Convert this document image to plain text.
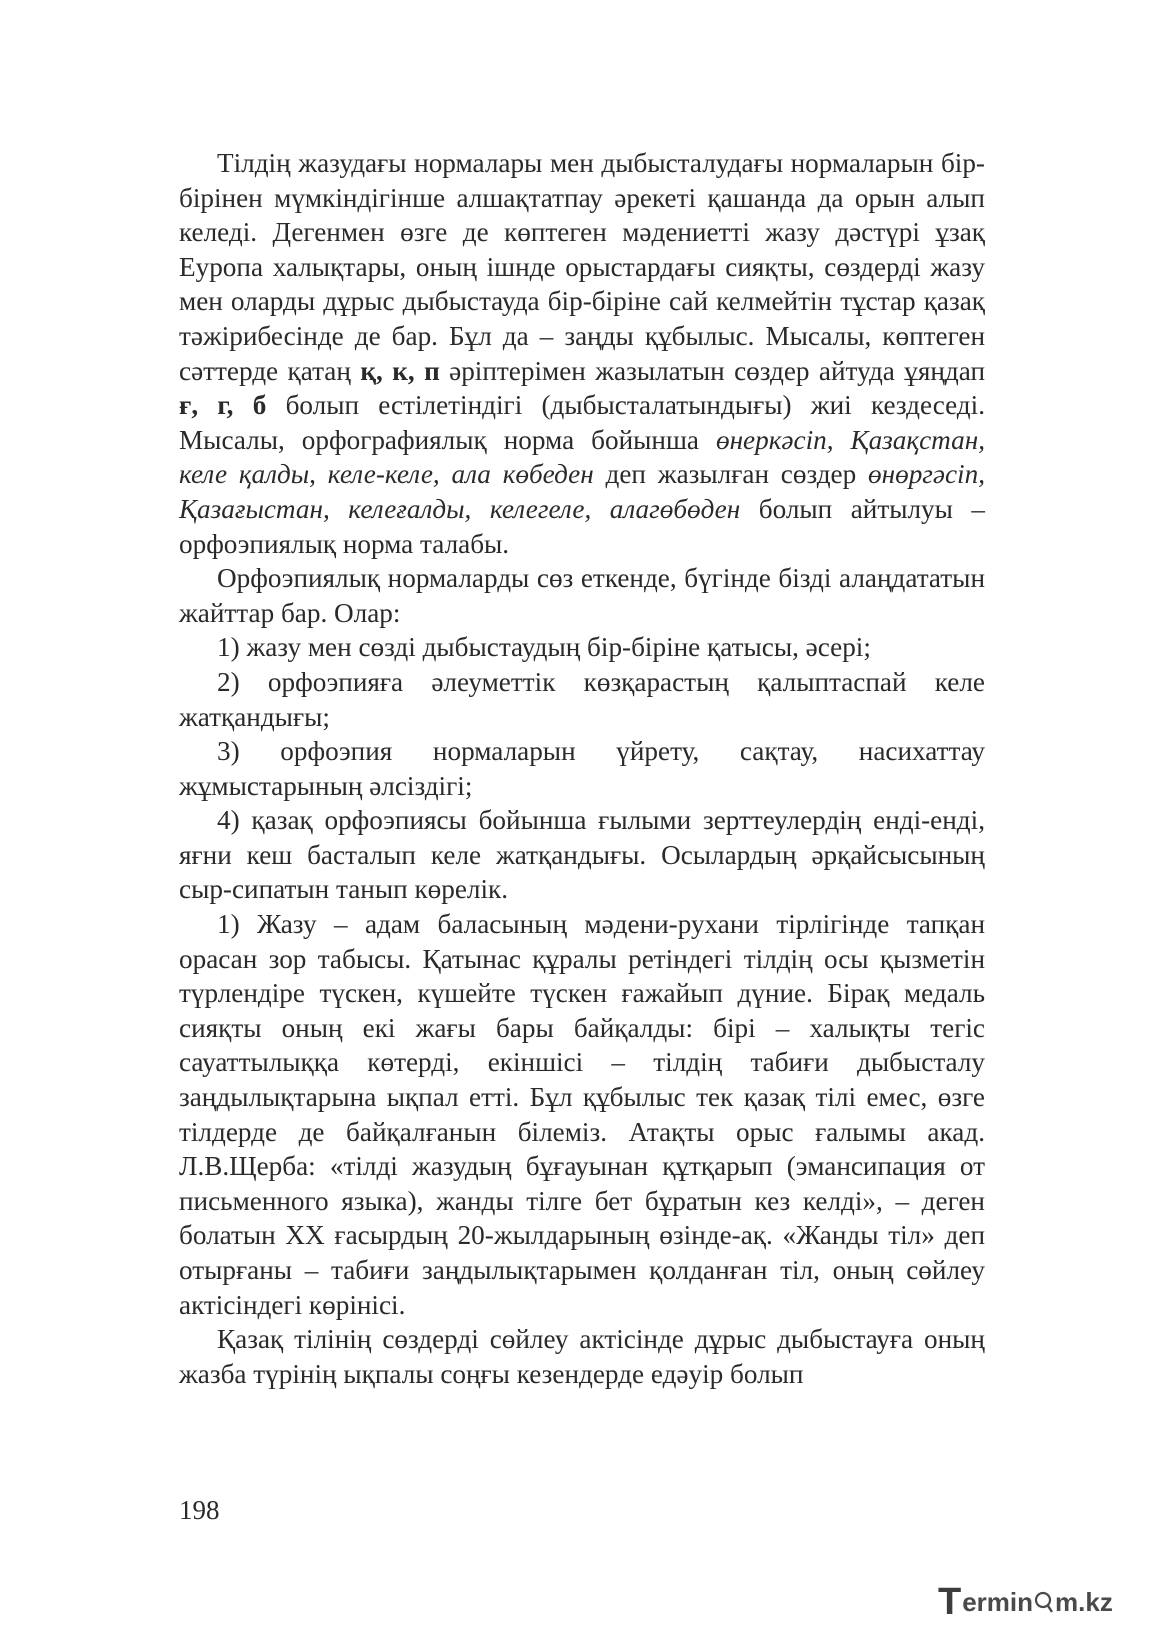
Тілдің жазудағы нормалары мен дыбысталудағы нормаларын бір-бірінен мүмкіндігінше алшақтатпау әрекеті қашанда да орын алып келеді. Дегенмен өзге де көптеген мәдениетті жазу дәстүрі ұзақ Еуропа халықтары, оның ішнде орыстардағы сияқты, сөздерді жазу мен оларды дұрыс дыбыстауда бір-біріне сай келмейтін тұстар қазақ тәжірибесінде де бар. Бұл да – заңды құбылыс. Мысалы, көптеген сәттерде қатаң қ, к, п әріптерімен жазылатын сөздер айтуда ұяңдап ғ, г, б болып естілетіндігі (дыбысталатындығы) жиі кездеседі. Мысалы, орфографиялық норма бойынша өнеркәсіп, Қазақстан, келе қалды, келе-келе, ала көбеден деп жазылған сөздер өнөргәсіп, Қазағыстан, келеғалды, келегеле, алагөбөден болып айтылуы – орфоэпиялық норма талабы.

Орфоэпиялық нормаларды сөз еткенде, бүгінде бізді алаңдататын жайттар бар. Олар:

1) жазу мен сөзді дыбыстаудың бір-біріне қатысы, әсері;

2) орфоэпияға әлеуметтік көзқарастың қалыптаспай келе жатқандығы;

3) орфоэпия нормаларын үйрету, сақтау, насихаттау жұмыстарының әлсіздігі;

4) қазақ орфоэпиясы бойынша ғылыми зерттеулердің енді-енді, яғни кеш басталып келе жатқандығы. Осылардың әрқайсысының сыр-сипатын танып көрелік.

1) Жазу – адам баласының мәдени-рухани тірлігінде тапқан орасан зор табысы. Қатынас құралы ретіндегі тілдің осы қызметін түрлендіре түскен, күшейте түскен ғажайып дүние. Бірақ медаль сияқты оның екі жағы бары байқалды: бірі – халықты тегіс сауаттылыққа көтерді, екіншісі – тілдің табиғи дыбысталу заңдылықтарына ықпал етті. Бұл құбылыс тек қазақ тілі емес, өзге тілдерде де байқалғанын білеміз. Атақты орыс ғалымы акад. Л.В.Щерба: «тілді жазудың бұғауынан құтқарып (эмансипация от письменного языка), жанды тілге бет бұратын кез келді», – деген болатын XX ғасырдың 20-жылдарының өзінде-ақ. «Жанды тіл» деп отырғаны – табиғи заңдылықтарымен қолданған тіл, оның сөйлеу актісіндегі көрінісі.

Қазақ тілінің сөздерді сөйлеу актісінде дұрыс дыбыстауға оның жазба түрінің ықпалы соңғы кезендерде едәуір болып

198
T ermin m.kz
